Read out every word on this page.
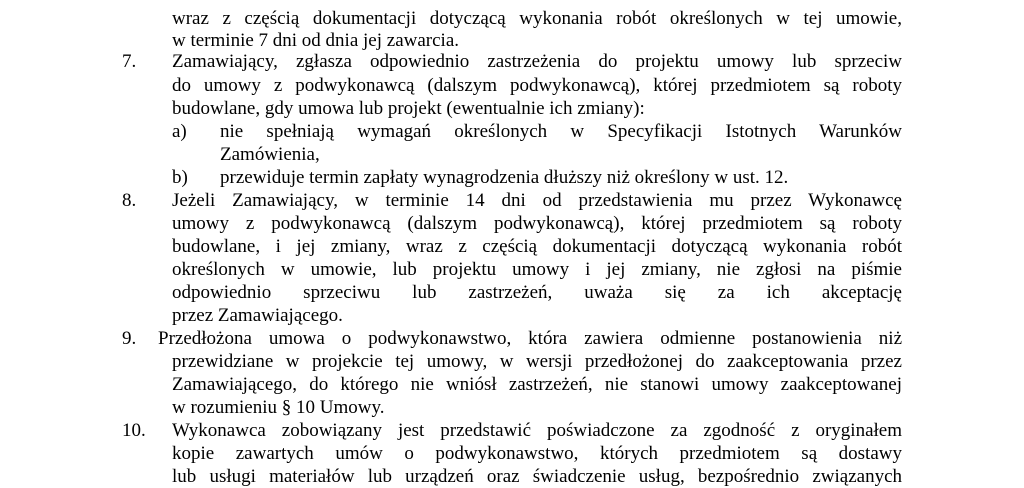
wraz z częścią dokumentacji dotyczącą wykonania robót określonych w tej umowie,
w terminie 7 dni od dnia jej zawarcia.
7. Zamawiający, zgłasza odpowiednio zastrzeżenia do projektu umowy lub sprzeciw
do umowy z podwykonawcą (dalszym podwykonawcą), której przedmiotem są roboty
budowlane, gdy umowa lub projekt (ewentualnie ich zmiany):
a) nie spełniają wymagań określonych w Specyfikacji Istotnych Warunków
Zamówienia,
b) przewiduje termin zapłaty wynagrodzenia dłuższy niż określony w ust. 12.
8. Jeżeli Zamawiający, w terminie 14 dni od przedstawienia mu przez Wykonawcę
umowy z podwykonawcą (dalszym podwykonawcą), której przedmiotem są roboty
budowlane, i jej zmiany, wraz z częścią dokumentacji dotyczącą wykonania robót
określonych w umowie, lub projektu umowy i jej zmiany, nie zgłosi na piśmie
odpowiednio sprzeciwu lub zastrzeżeń, uważa się za ich akceptację
przez Zamawiającego.
9. Przedłożona umowa o podwykonawstwo, która zawiera odmienne postanowienia niż
przewidziane w projekcie tej umowy, w wersji przedłożonej do zaakceptowania przez
Zamawiającego, do którego nie wniósł zastrzeżeń, nie stanowi umowy zaakceptowanej
w rozumieniu § 10 Umowy.
10. Wykonawca zobowiązany jest przedstawić poświadczone za zgodność z oryginałem
kopie zawartych umów o podwykonawstwo, których przedmiotem są dostawy
lub usługi materiałów lub urządzeń oraz świadczenie usług, bezpośrednio związanych
